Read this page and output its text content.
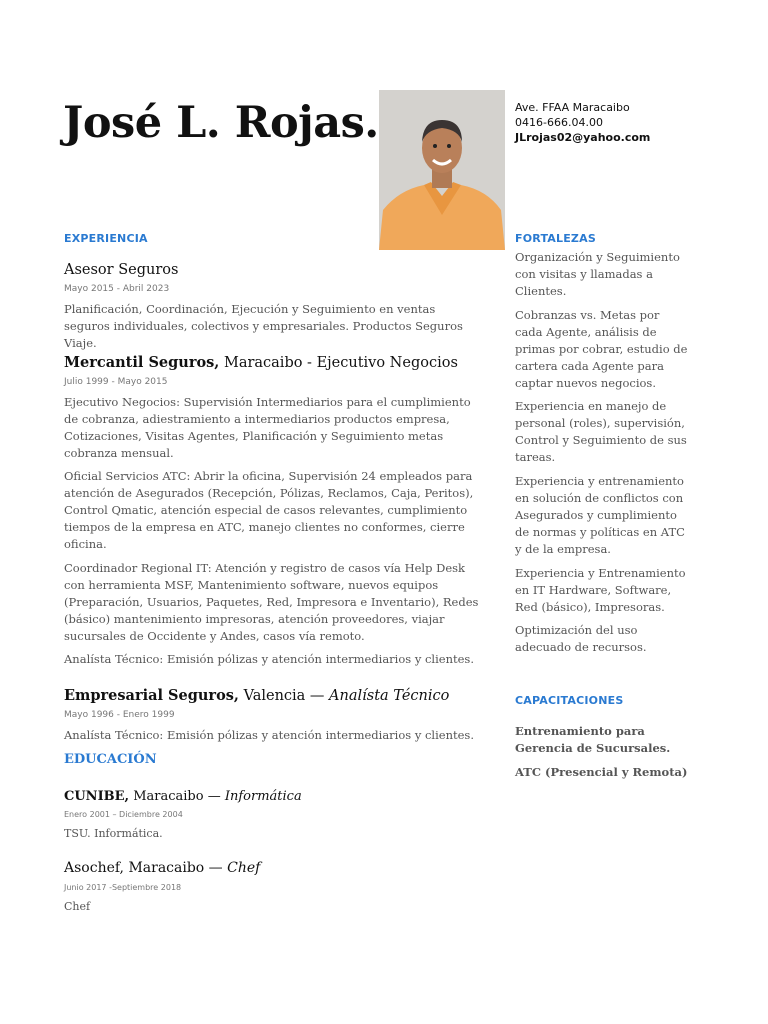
José L. Rojas.	Ave. FFAA Maracaibo
0416-666.04.00
JLrojas02@yahoo.com
EXPERIENCIA
Asesor Seguros
Mayo 2015 - Abril 2023
Planificación, Coordinación, Ejecución y Seguimiento en ventas seguros individuales, colectivos y empresariales. Productos Seguros Viaje.
Mercantil Seguros, Maracaibo - Ejecutivo Negocios
Julio 1999 - Mayo 2015
Ejecutivo Negocios: Supervisión Intermediarios para el cumplimiento de cobranza, adiestramiento a intermediarios productos empresa, Cotizaciones, Visitas Agentes, Planificación y Seguimiento metas cobranza mensual.
Oficial Servicios ATC: Abrir la oficina, Supervisión 24 empleados para atención de Asegurados (Recepción, Pólizas, Reclamos, Caja, Peritos), Control Qmatic, atención especial de casos relevantes, cumplimiento tiempos de la empresa en ATC, manejo clientes no conformes, cierre oficina.
Coordinador Regional IT: Atención y registro de casos vía Help Desk con herramienta MSF, Mantenimiento software, nuevos equipos (Preparación, Usuarios, Paquetes, Red, Impresora e Inventario), Redes (básico) mantenimiento impresoras, atención proveedores, viajar sucursales de Occidente y Andes, casos vía remoto.
Analísta Técnico: Emisión pólizas y atención intermediarios y clientes.
Empresarial Seguros, Valencia — Analísta Técnico
Mayo 1996 - Enero 1999
Analísta Técnico: Emisión pólizas y atención intermediarios y clientes.
EDUCACIÓN
CUNIBE, Maracaibo — Informática
Enero 2001 – Diciembre 2004
TSU. Informática.
Asochef, Maracaibo — Chef
Junio 2017 -Septiembre 2018
Chef
FORTALEZAS
Organización y Seguimiento con visitas y llamadas a Clientes.
Cobranzas vs. Metas por cada Agente, análisis de primas por cobrar, estudio de cartera cada Agente para captar nuevos negocios.
Experiencia en manejo de personal (roles), supervisión, Control y Seguimiento de sus tareas.
Experiencia y entrenamiento en solución de conflictos con Asegurados y cumplimiento de normas y políticas en ATC y de la empresa.
Experiencia y Entrenamiento en IT Hardware, Software, Red (básico), Impresoras.
Optimización del uso adecuado de recursos.
CAPACITACIONES
Entrenamiento para Gerencia de Sucursales.
ATC (Presencial y Remota)
